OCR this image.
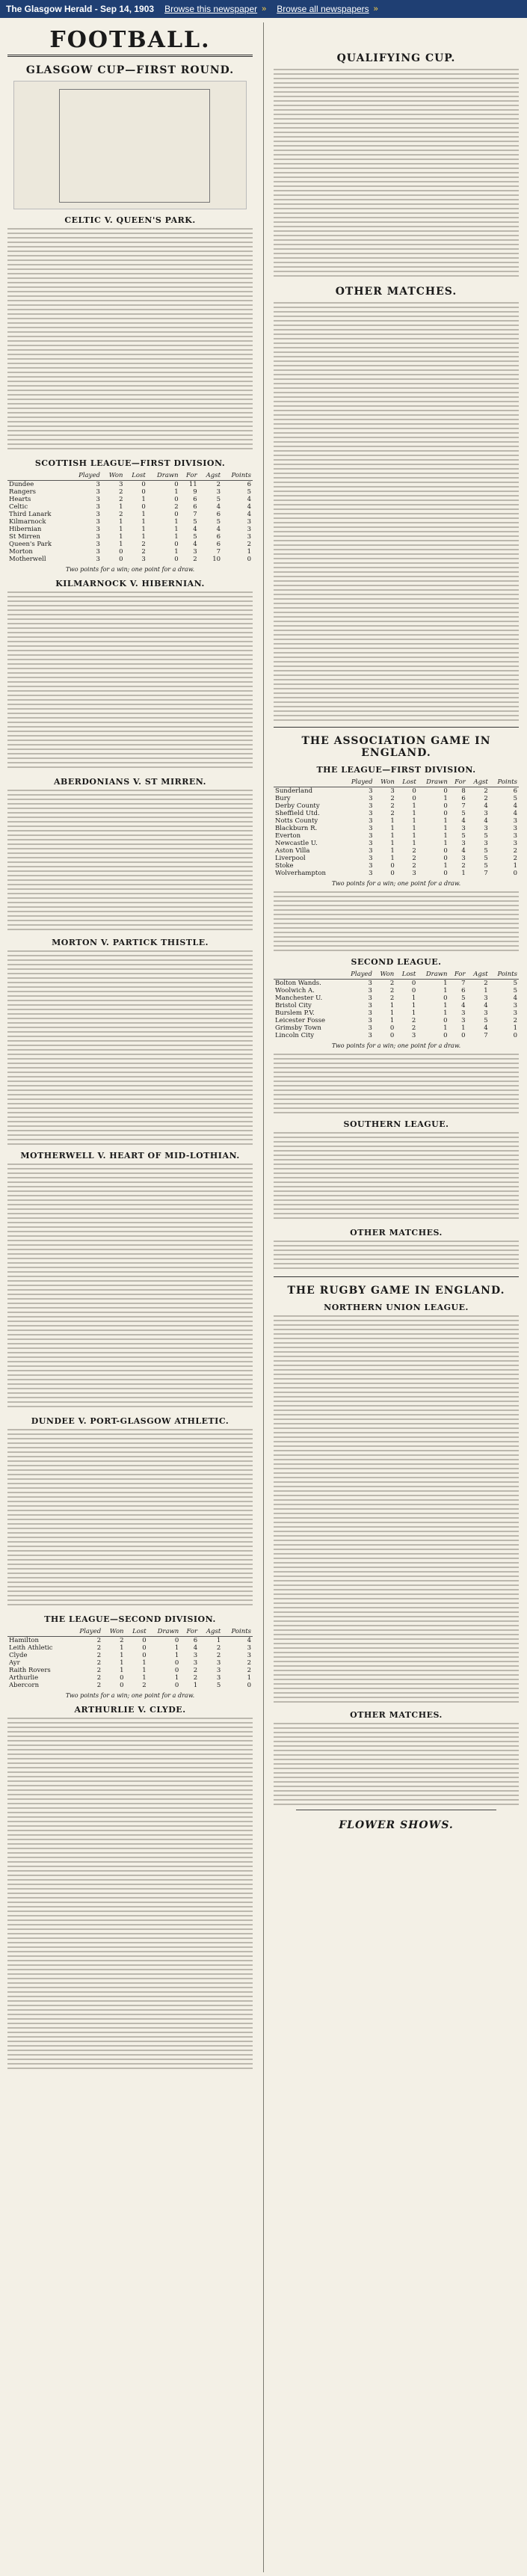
The Glasgow Herald - Sep 14, 1903 Browse this newspaper » Browse all newspapers »
FOOTBALL.
GLASGOW CUP—FIRST ROUND.
CELTIC V. QUEEN'S PARK.
SCOTTISH LEAGUE—FIRST DIVISION.
	Played	Won	Lost	Drawn	For	Agst	Points
Dundee	3	3	0	0	11	2	6
Rangers	3	2	0	1	9	3	5
Hearts	3	2	1	0	6	5	4
Celtic	3	1	0	2	6	4	4
Third Lanark	3	2	1	0	7	6	4
Kilmarnock	3	1	1	1	5	5	3
Hibernian	3	1	1	1	4	4	3
St Mirren	3	1	1	1	5	6	3
Queen's Park	3	1	2	0	4	6	2
Morton	3	0	2	1	3	7	1
Motherwell	3	0	3	0	2	10	0
Two points for a win; one point for a draw.
KILMARNOCK V. HIBERNIAN.
ABERDONIANS V. ST MIRREN.
MORTON V. PARTICK THISTLE.
MOTHERWELL V. HEART OF MID-LOTHIAN.
DUNDEE V. PORT-GLASGOW ATHLETIC.
THE LEAGUE—SECOND DIVISION.
	Played	Won	Lost	Drawn	For	Agst	Points
Hamilton	2	2	0	0	6	1	4
Leith Athletic	2	1	0	1	4	2	3
Clyde	2	1	0	1	3	2	3
Ayr	2	1	1	0	3	3	2
Raith Rovers	2	1	1	0	2	3	2
Arthurlie	2	0	1	1	2	3	1
Abercorn	2	0	2	0	1	5	0
Two points for a win; one point for a draw.
ARTHURLIE V. CLYDE.
QUALIFYING CUP.
OTHER MATCHES.
THE ASSOCIATION GAME IN ENGLAND.
THE LEAGUE—FIRST DIVISION.
	Played	Won	Lost	Drawn	For	Agst	Points
Sunderland	3	3	0	0	8	2	6
Bury	3	2	0	1	6	2	5
Derby County	3	2	1	0	7	4	4
Sheffield Utd.	3	2	1	0	5	3	4
Notts County	3	1	1	1	4	4	3
Blackburn R.	3	1	1	1	3	3	3
Everton	3	1	1	1	5	5	3
Newcastle U.	3	1	1	1	3	3	3
Aston Villa	3	1	2	0	4	5	2
Liverpool	3	1	2	0	3	5	2
Stoke	3	0	2	1	2	5	1
Wolverhampton	3	0	3	0	1	7	0
Two points for a win; one point for a draw.
SECOND LEAGUE.
	Played	Won	Lost	Drawn	For	Agst	Points
Bolton Wands.	3	2	0	1	7	2	5
Woolwich A.	3	2	0	1	6	1	5
Manchester U.	3	2	1	0	5	3	4
Bristol City	3	1	1	1	4	4	3
Burslem P.V.	3	1	1	1	3	3	3
Leicester Fosse	3	1	2	0	3	5	2
Grimsby Town	3	0	2	1	1	4	1
Lincoln City	3	0	3	0	0	7	0
Two points for a win; one point for a draw.
SOUTHERN LEAGUE.
OTHER MATCHES.
THE RUGBY GAME IN ENGLAND.
NORTHERN UNION LEAGUE.
OTHER MATCHES.
FLOWER SHOWS.
